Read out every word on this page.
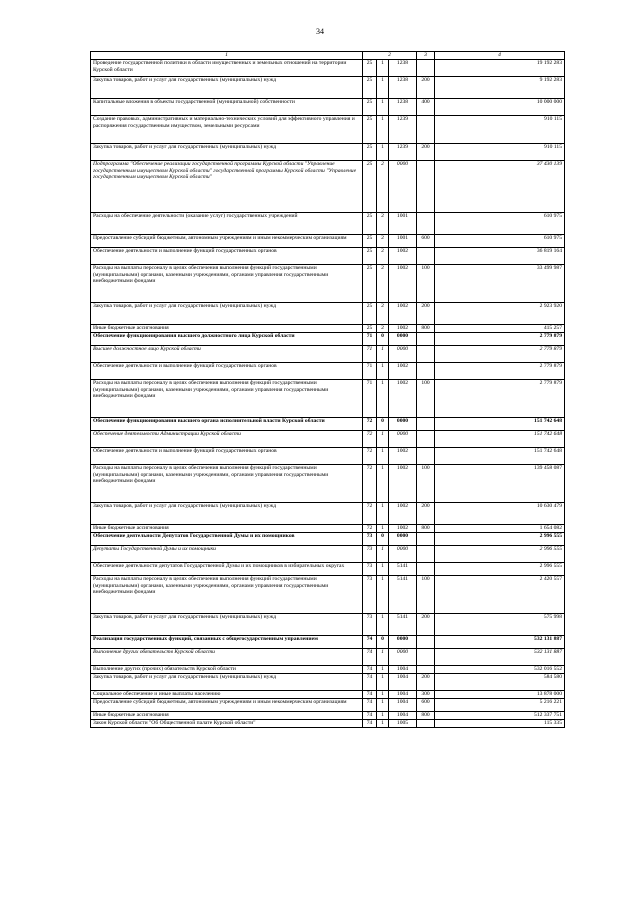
34
1	2			3	4
Проведение государственной политики в области имущественных и земельных отношений на территории Курской области	25	1	1238		19 192 283
Закупка товаров, работ и услуг для государственных (муниципальных) нужд	25	1	1238	200	9 192 283
Капитальные вложения в объекты государственной (муниципальной) собственности	25	1	1238	400	10 000 000
Создание правовых, административных и материально-технических условий для эффективного управления и распоряжения государственным имуществом, земельными ресурсами	25	1	1239		910 115
Закупка товаров, работ и услуг для государственных (муниципальных) нужд	25	1	1239	200	910 115
Подпрограмма "Обеспечение реализации государственной программы Курской области "Управление государственным имуществом Курской области" государственной программы Курской области "Управление государственным имуществом Курской области"	25	2	0000		37 430 139
Расходы на обеспечение деятельности (оказание услуг) государственных учреждений	25	2	1001		610 975
Предоставление субсидий бюджетным, автономным учреждениям и иным некоммерческим организациям	25	2	1001	600	610 975
Обеспечение деятельности и выполнение функций государственных органов	25	2	1002		36 819 164
Расходы на выплаты персоналу в целях обеспечения выполнения функций государственными (муниципальными) органами, казенными учреждениями, органами управления государственными внебюджетными фондами	25	2	1002	100	33 499 987
Закупка товаров, работ и услуг для государственных (муниципальных) нужд	25	2	1002	200	2 923 920
Иные бюджетные ассигнования	25	2	1002	800	415 257
Обеспечение функционирования высшего должностного лица Курской области	71	0	0000		2 779 879
Высшее должностное лицо Курской области	71	1	0000		2 779 879
Обеспечение деятельности и выполнение функций государственных органов	71	1	1002		2 779 879
Расходы на выплаты персоналу в целях обеспечения выполнения функций государственными (муниципальными) органами, казенными учреждениями, органами управления государственными внебюджетными фондами	71	1	1002	100	2 779 879
Обеспечение функционирования высшего органа исполнительной власти Курской области	72	0	0000		151 742 648
Обеспечение деятельности Администрации Курской области	72	1	0000		151 742 648
Обеспечение деятельности и выполнение функций государственных органов	72	1	1002		151 742 648
Расходы на выплаты персоналу в целях обеспечения выполнения функций государственными (муниципальными) органами, казенными учреждениями, органами управления государственными внебюджетными фондами	72	1	1002	100	139 458 087
Закупка товаров, работ и услуг для государственных (муниципальных) нужд	72	1	1002	200	10 630 479
Иные бюджетные ассигнования	72	1	1002	800	1 654 082
Обеспечение деятельности Депутатов Государственной Думы и их помощников	73	0	0000		2 996 555
Депутаты Государственной Думы и их помощники	73	1	0000		2 996 555
Обеспечение деятельности депутатов Государственной Думы и их помощников в избирательных округах	73	1	5141		2 996 555
Расходы на выплаты персоналу в целях обеспечения выполнения функций государственными (муниципальными) органами, казенными учреждениями, органами управления государственными внебюджетными фондами	73	1	5141	100	2 420 557
Закупка товаров, работ и услуг для государственных (муниципальных) нужд	73	1	5141	200	575 998
Реализация государственных функций, связанных с общегосударственным управлением	74	0	0000		532 131 887
Выполнение других обязательств Курской области	74	1	0000		532 131 887
Выполнение других (прочих) обязательств Курской области	74	1	1004		532 016 552
Закупка товаров, работ и услуг для государственных (муниципальных) нужд	74	1	1004	200	584 580
Социальное обеспечение и иные выплаты населению	74	1	1004	300	13 878 000
Предоставление субсидий бюджетным, автономным учреждениям и иным некоммерческим организациям	74	1	1004	600	5 216 221
Иные бюджетные ассигнования	74	1	1004	800	512 337 751
Закон Курской области "Об Общественной палате Курской области"	74	1	1005		115 335
